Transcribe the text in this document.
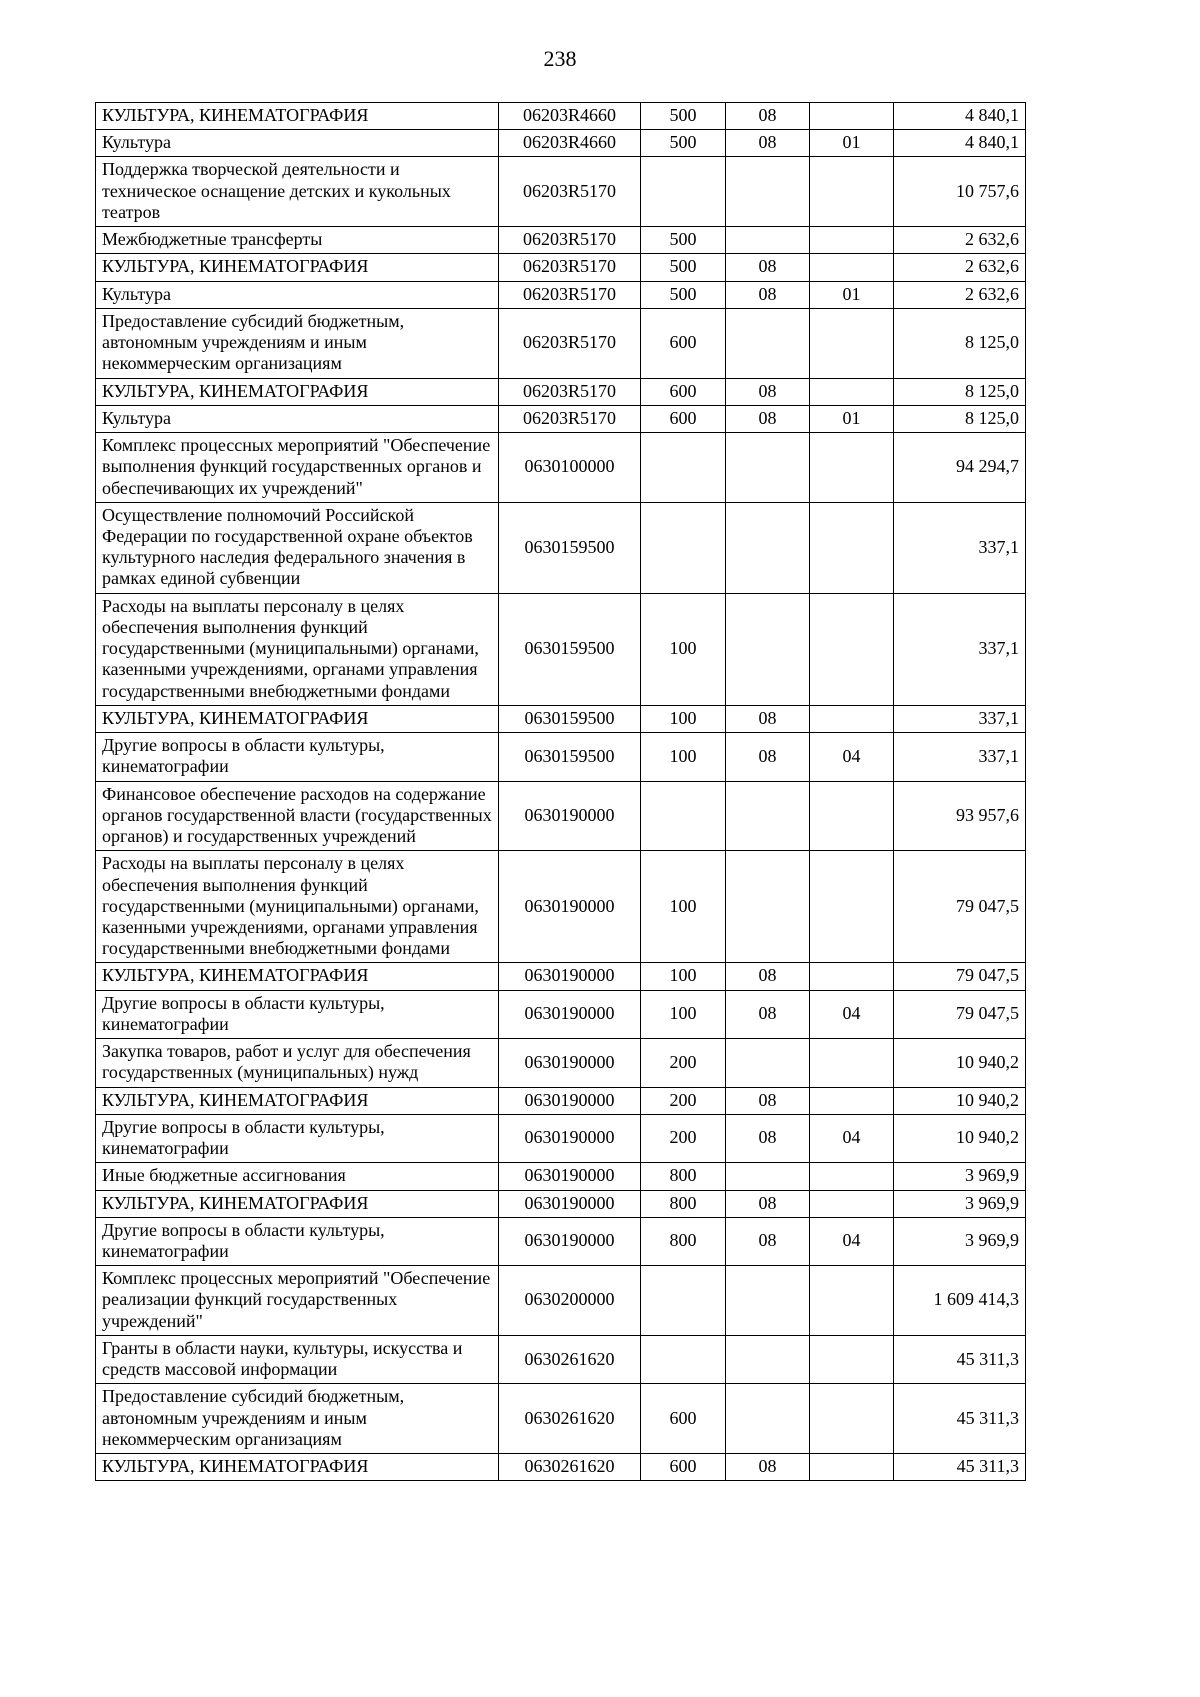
238
КУЛЬТУРА, КИНЕМАТОГРАФИЯ	06203R4660	500	08		4 840,1
Культура	06203R4660	500	08	01	4 840,1
Поддержка творческой деятельности и техническое оснащение детских и кукольных театров	06203R5170				10 757,6
Межбюджетные трансферты	06203R5170	500			2 632,6
КУЛЬТУРА, КИНЕМАТОГРАФИЯ	06203R5170	500	08		2 632,6
Культура	06203R5170	500	08	01	2 632,6
Предоставление субсидий бюджетным, автономным учреждениям и иным некоммерческим организациям	06203R5170	600			8 125,0
КУЛЬТУРА, КИНЕМАТОГРАФИЯ	06203R5170	600	08		8 125,0
Культура	06203R5170	600	08	01	8 125,0
Комплекс процессных мероприятий "Обеспечение выполнения функций государственных органов и обеспечивающих их учреждений"	0630100000				94 294,7
Осуществление полномочий Российской Федерации по государственной охране объектов культурного наследия федерального значения в рамках единой субвенции	0630159500				337,1
Расходы на выплаты персоналу в целях обеспечения выполнения функций государственными (муниципальными) органами, казенными учреждениями, органами управления государственными внебюджетными фондами	0630159500	100			337,1
КУЛЬТУРА, КИНЕМАТОГРАФИЯ	0630159500	100	08		337,1
Другие вопросы в области культуры, кинематографии	0630159500	100	08	04	337,1
Финансовое обеспечение расходов на содержание органов государственной власти (государственных органов) и государственных учреждений	0630190000				93 957,6
Расходы на выплаты персоналу в целях обеспечения выполнения функций государственными (муниципальными) органами, казенными учреждениями, органами управления государственными внебюджетными фондами	0630190000	100			79 047,5
КУЛЬТУРА, КИНЕМАТОГРАФИЯ	0630190000	100	08		79 047,5
Другие вопросы в области культуры, кинематографии	0630190000	100	08	04	79 047,5
Закупка товаров, работ и услуг для обеспечения государственных (муниципальных) нужд	0630190000	200			10 940,2
КУЛЬТУРА, КИНЕМАТОГРАФИЯ	0630190000	200	08		10 940,2
Другие вопросы в области культуры, кинематографии	0630190000	200	08	04	10 940,2
Иные бюджетные ассигнования	0630190000	800			3 969,9
КУЛЬТУРА, КИНЕМАТОГРАФИЯ	0630190000	800	08		3 969,9
Другие вопросы в области культуры, кинематографии	0630190000	800	08	04	3 969,9
Комплекс процессных мероприятий "Обеспечение реализации функций государственных учреждений"	0630200000				1 609 414,3
Гранты в области науки, культуры, искусства и средств массовой информации	0630261620				45 311,3
Предоставление субсидий бюджетным, автономным учреждениям и иным некоммерческим организациям	0630261620	600			45 311,3
КУЛЬТУРА, КИНЕМАТОГРАФИЯ	0630261620	600	08		45 311,3
